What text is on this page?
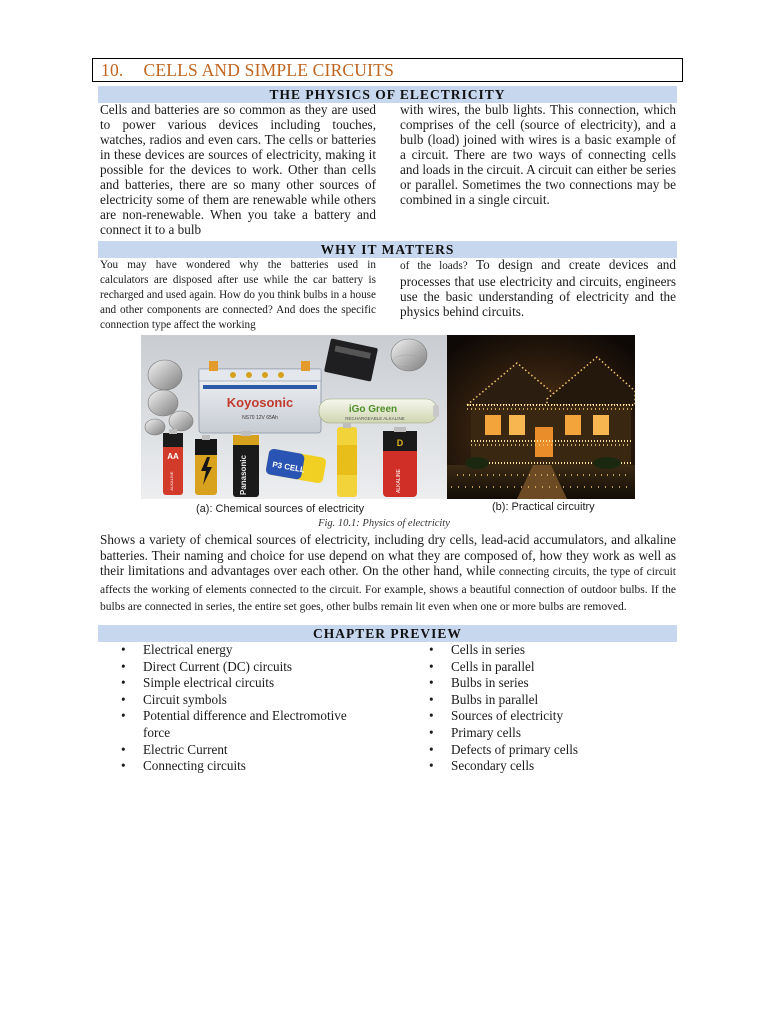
10. CELLS AND SIMPLE CIRCUITS
THE PHYSICS OF ELECTRICITY
Cells and batteries are so common as they are used to power various devices including touches, watches, radios and even cars. The cells or batteries in these devices are sources of electricity, making it possible for the devices to work. Other than cells and batteries, there are so many other sources of electricity some of them are renewable while others are non-renewable. When you take a battery and connect it to a bulb
with wires, the bulb lights. This connection, which comprises of the cell (source of electricity), and a bulb (load) joined with wires is a basic example of a circuit. There are two ways of connecting cells and loads in the circuit. A circuit can either be series or parallel. Sometimes the two connections may be combined in a single circuit.
WHY IT MATTERS
You may have wondered why the batteries used in calculators are disposed after use while the car battery is recharged and used again. How do you think bulbs in a house and other components are connected? And does the specific connection type affect the working
of the loads? To design and create devices and processes that use electricity and circuits, engineers use the basic understanding of electricity and the physics behind circuits.
Koyosonic
NS70 12V 65Ah
iGo Green
RECHARGEABLE ALKALINE
AA
ALKALINE	Panasonic	P3 CELL
D
ALKALINE
(a): Chemical sources of electricity	(b): Practical circuitry
Fig. 10.1: Physics of electricity
Shows a variety of chemical sources of electricity, including dry cells, lead-acid accumulators, and alkaline batteries. Their naming and choice for use depend on what they are composed of, how they work as well as their limitations and advantages over each other. On the other hand, while connecting circuits, the type of circuit affects the working of elements connected to the circuit. For example, shows a beautiful connection of outdoor bulbs. If the bulbs are connected in series, the entire set goes, other bulbs remain lit even when one or more bulbs are removed.
CHAPTER PREVIEW
• Electrical energy
• Direct Current (DC) circuits
• Simple electrical circuits
• Circuit symbols
• Potential difference and Electromotive force
• Electric Current
• Connecting circuits
• Cells in series
• Cells in parallel
• Bulbs in series
• Bulbs in parallel
• Sources of electricity
• Primary cells
• Defects of primary cells
• Secondary cells
